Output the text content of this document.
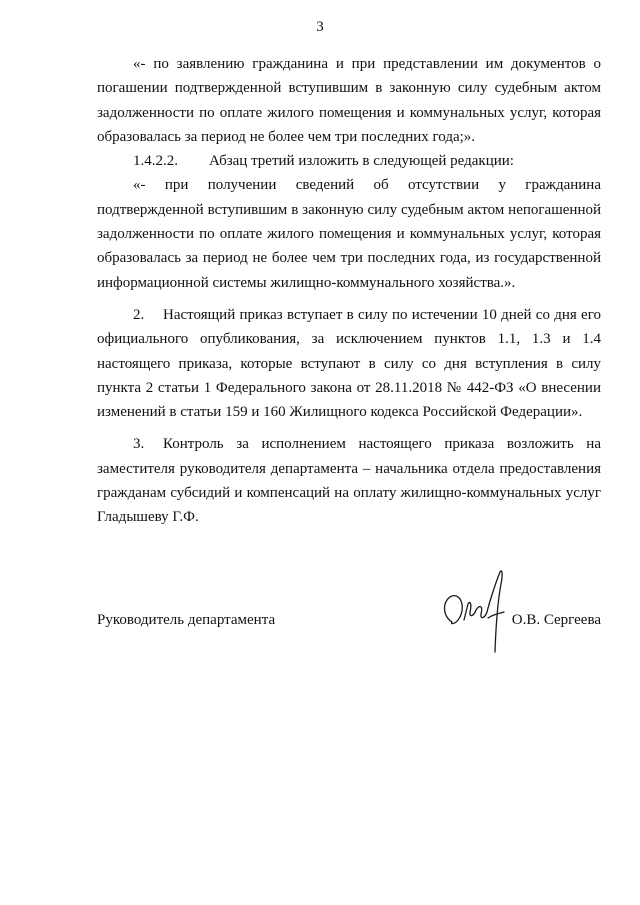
3

«- по заявлению гражданина и при представлении им документов о погашении подтвержденной вступившим в законную силу судебным актом задолженности по оплате жилого помещения и коммунальных услуг, которая образовалась за период не более чем три последних года;».

1.4.2.2. Абзац третий изложить в следующей редакции:

«- при получении сведений об отсутствии у гражданина подтвержденной вступившим в законную силу судебным актом непогашенной задолженности по оплате жилого помещения и коммунальных услуг, которая образовалась за период не более чем три последних года, из государственной информационной системы жилищно-коммунального хозяйства.».

2. Настоящий приказ вступает в силу по истечении 10 дней со дня его официального опубликования, за исключением пунктов 1.1, 1.3 и 1.4 настоящего приказа, которые вступают в силу со дня вступления в силу пункта 2 статьи 1 Федерального закона от 28.11.2018 № 442-ФЗ «О внесении изменений в статьи 159 и 160 Жилищного кодекса Российской Федерации».

3. Контроль за исполнением настоящего приказа возложить на заместителя руководителя департамента – начальника отдела предоставления гражданам субсидий и компенсаций на оплату жилищно-коммунальных услуг Гладышеву Г.Ф.

Руководитель департамента	О.В. Сергеева
